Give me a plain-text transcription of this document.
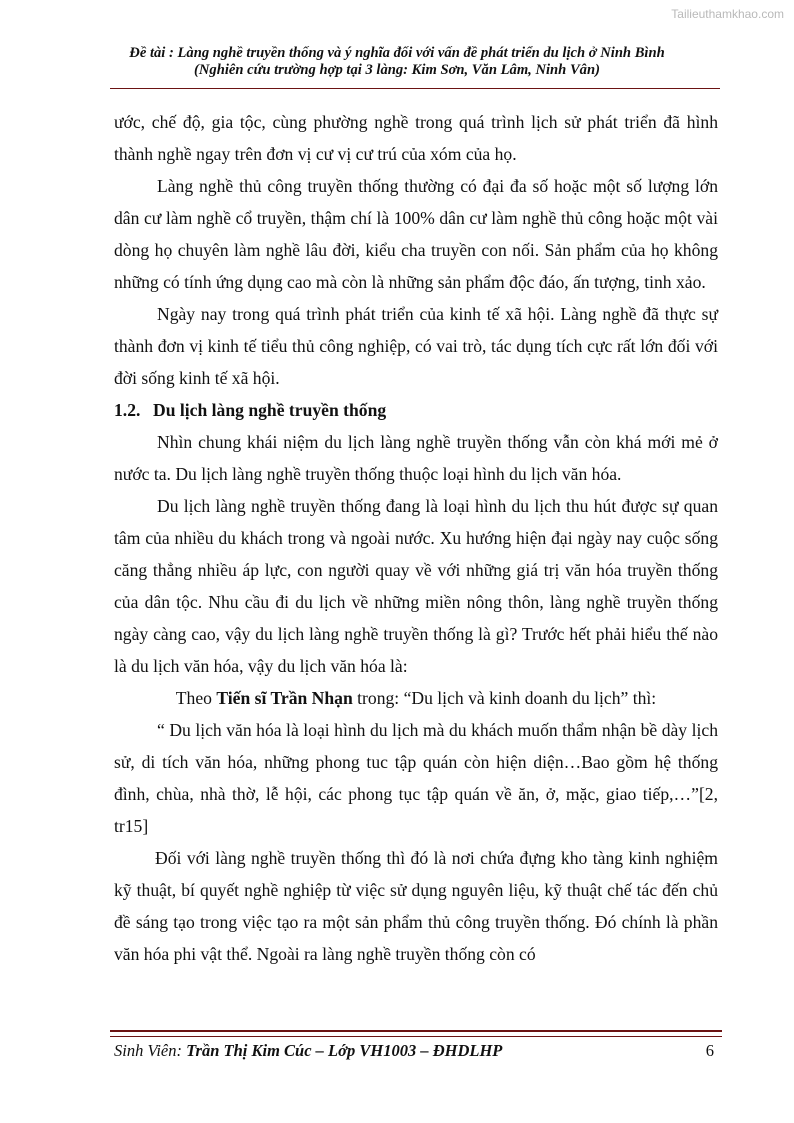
Tailieuthamkhao.com
Đề tài : Làng nghề truyền thống và ý nghĩa đối với vấn đề phát triển du lịch ở Ninh Bình
(Nghiên cứu trường hợp tại 3 làng: Kim Sơn, Văn Lâm, Ninh Vân)

ước, chế độ, gia tộc, cùng phường nghề trong quá trình lịch sử phát triển đã hình thành nghề ngay trên đơn vị cư vị cư trú của xóm của họ.

Làng nghề thủ công truyền thống thường có đại đa số hoặc một số lượng lớn dân cư làm nghề cổ truyền, thậm chí là 100% dân cư làm nghề thủ công hoặc một vài dòng họ chuyên làm nghề lâu đời, kiểu cha truyền con nối. Sản phẩm của họ không những có tính ứng dụng cao mà còn là những sản phẩm độc đáo, ấn tượng, tinh xảo.

Ngày nay trong quá trình phát triển của kinh tế xã hội. Làng nghề đã thực sự thành đơn vị kinh tế tiểu thủ công nghiệp, có vai trò, tác dụng tích cực rất lớn đối với đời sống kinh tế xã hội.

1.2. Du lịch làng nghề truyền thống

Nhìn chung khái niệm du lịch làng nghề truyền thống vẫn còn khá mới mẻ ở nước ta. Du lịch làng nghề truyền thống thuộc loại hình du lịch văn hóa.

Du lịch làng nghề truyền thống đang là loại hình du lịch thu hút được sự quan tâm của nhiều du khách trong và ngoài nước. Xu hướng hiện đại ngày nay cuộc sống căng thẳng nhiều áp lực, con người quay về với những giá trị văn hóa truyền thống của dân tộc. Nhu cầu đi du lịch về những miền nông thôn, làng nghề truyền thống ngày càng cao, vậy du lịch làng nghề truyền thống là gì? Trước hết phải hiểu thế nào là du lịch văn hóa, vậy du lịch văn hóa là:

Theo Tiến sĩ Trần Nhạn trong: “Du lịch và kinh doanh du lịch” thì:

“ Du lịch văn hóa là loại hình du lịch mà du khách muốn thẩm nhận bề dày lịch sử, di tích văn hóa, những phong tuc tập quán còn hiện diện…Bao gồm hệ thống đình, chùa, nhà thờ, lễ hội, các phong tục tập quán về ăn, ở, mặc, giao tiếp,…”[2, tr15]

Đối với làng nghề truyền thống thì đó là nơi chứa đựng kho tàng kinh nghiệm kỹ thuật, bí quyết nghề nghiệp từ việc sử dụng nguyên liệu, kỹ thuật chế tác đến chủ đề sáng tạo trong việc tạo ra một sản phẩm thủ công truyền thống. Đó chính là phần văn hóa phi vật thể. Ngoài ra làng nghề truyền thống còn có

Sinh Viên: Trần Thị Kim Cúc – Lớp VH1003 – ĐHDLHP	6
